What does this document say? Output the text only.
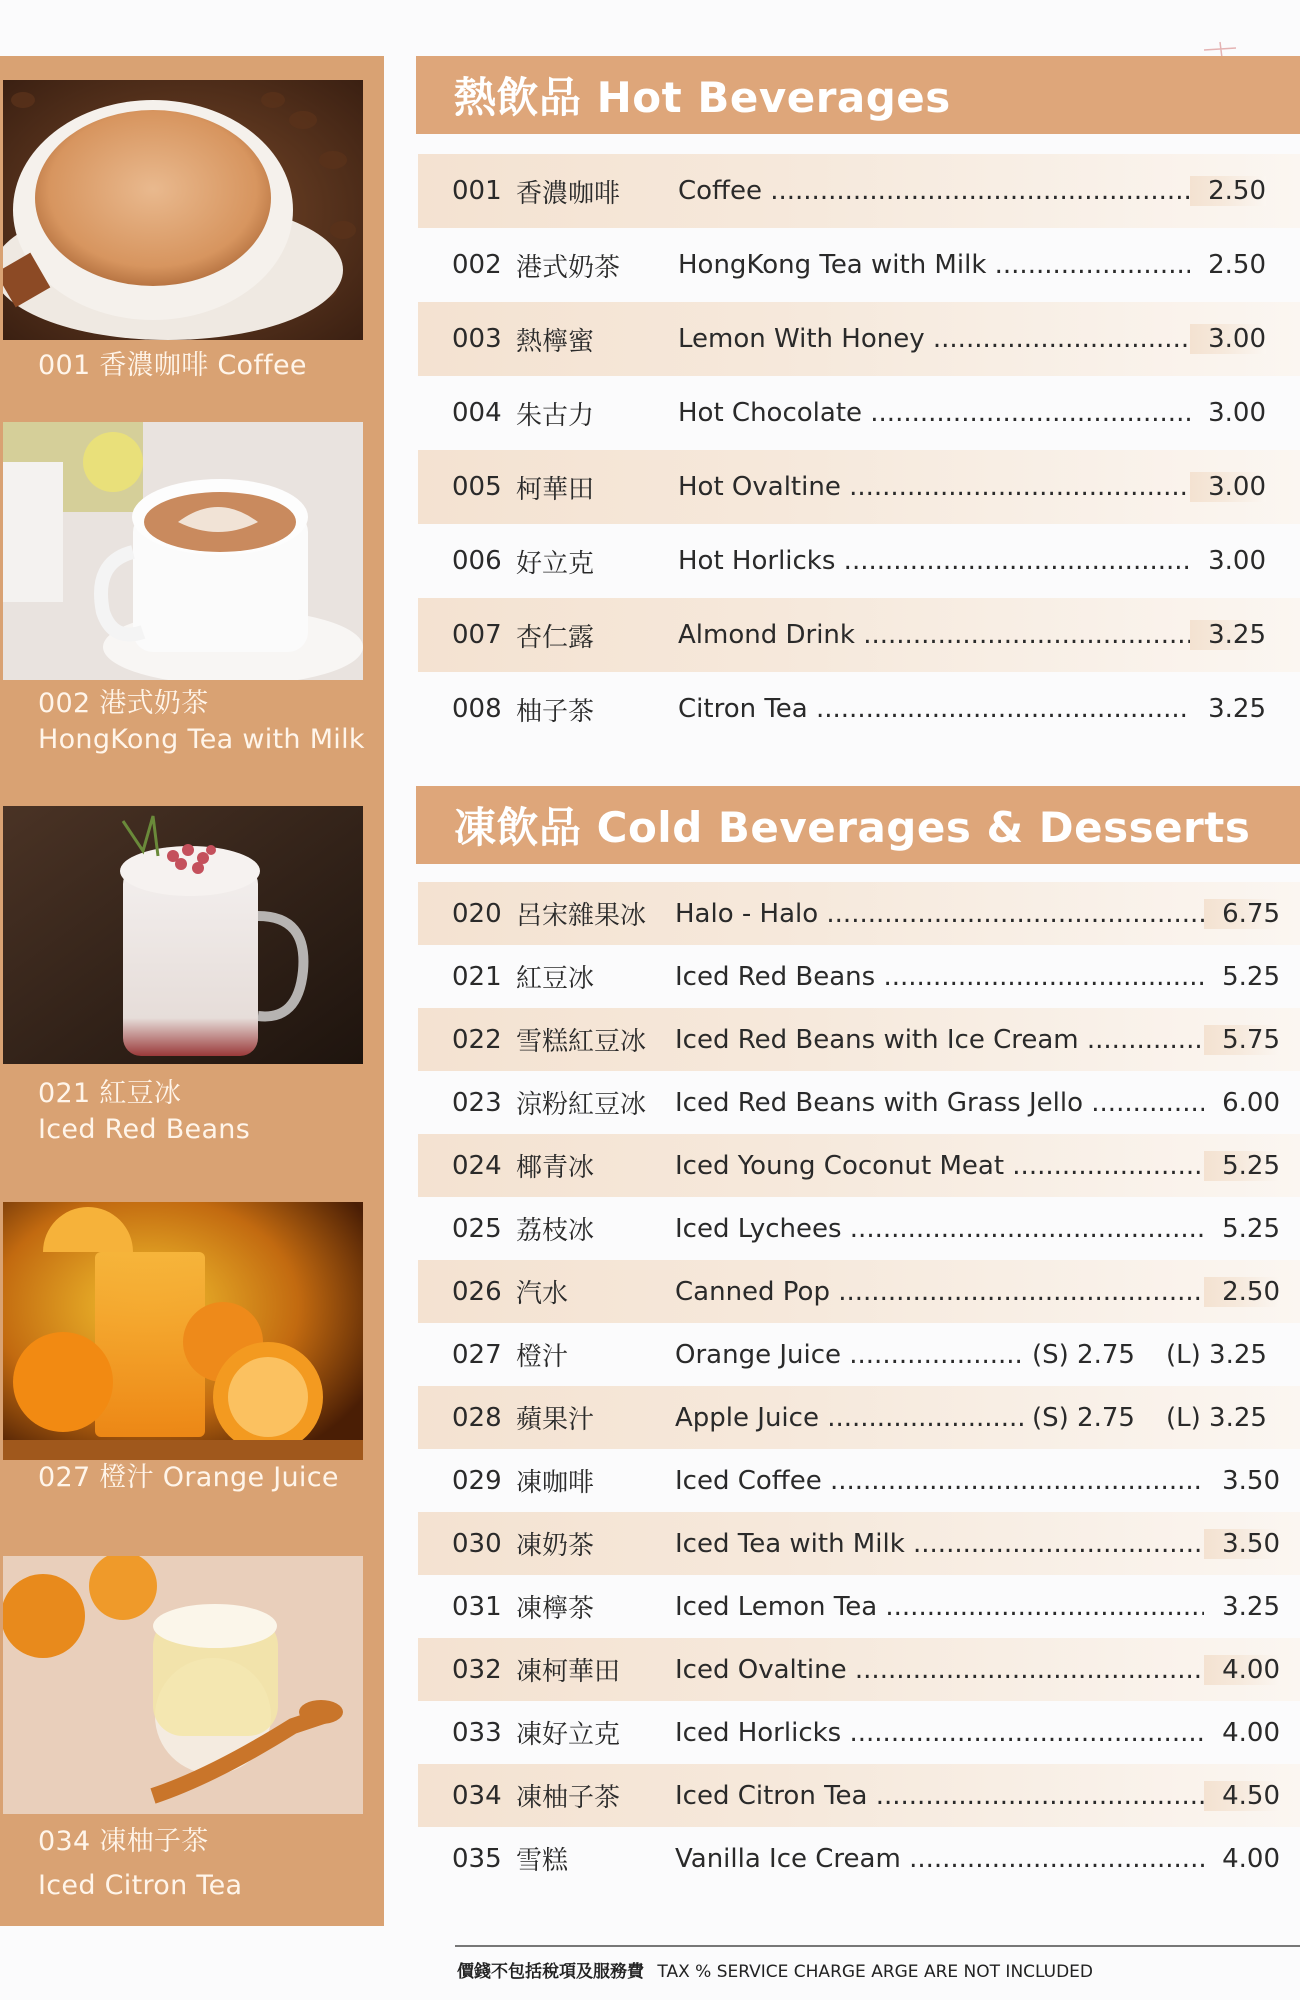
001 香濃咖啡 Coffee
002 港式奶茶
HongKong Tea with Milk
021 紅豆冰
Iced Red Beans
027 橙汁 Orange Juice
034 凍柚子茶
Iced Citron Tea
熱飲品 Hot Beverages
001 香濃咖啡 Coffee .....	2.50
002 港式奶茶 HongKong Tea with Milk .....	2.50
003 熱檸蜜	Lemon With Honey .....	3.00
004 朱古力	Hot Chocolate .....	3.00
005 柯華田	Hot Ovaltine .....	3.00
006 好立克	Hot Horlicks .....	3.00
007 杏仁露	Almond Drink .....	3.25
008 柚子茶	Citron Tea .....	3.25
凍飲品 Cold Beverages & Desserts
020 呂宋雜果冰 Halo - Halo .....	6.75
021 紅豆冰	Iced Red Beans .....	5.25
022 雪糕紅豆冰 Iced Red Beans with Ice Cream .....	5.75
023 涼粉紅豆冰 Iced Red Beans with Grass Jello .....	6.00
024 椰青冰	Iced Young Coconut Meat .....	5.25
025 荔枝冰	Iced Lychees .....	5.25
026 汽水	Canned Pop .....	2.50
027 橙汁	Orange Juice .....	(S) 2.75 (L) 3.25
028 蘋果汁	Apple Juice .....	(S) 2.75 (L) 3.25
029 凍咖啡	Iced Coffee .....	3.50
030 凍奶茶	Iced Tea with Milk .....	3.50
031 凍檸茶	Iced Lemon Tea .....	3.25
032 凍柯華田 Iced Ovaltine .....	4.00
033 凍好立克 Iced Horlicks .....	4.00
034 凍柚子茶 Iced Citron Tea .....	4.50
035 雪糕	Vanilla Ice Cream .....	4.00
價錢不包括稅項及服務費 TAX % SERVICE CHARGE ARGE ARE NOT INCLUDED
